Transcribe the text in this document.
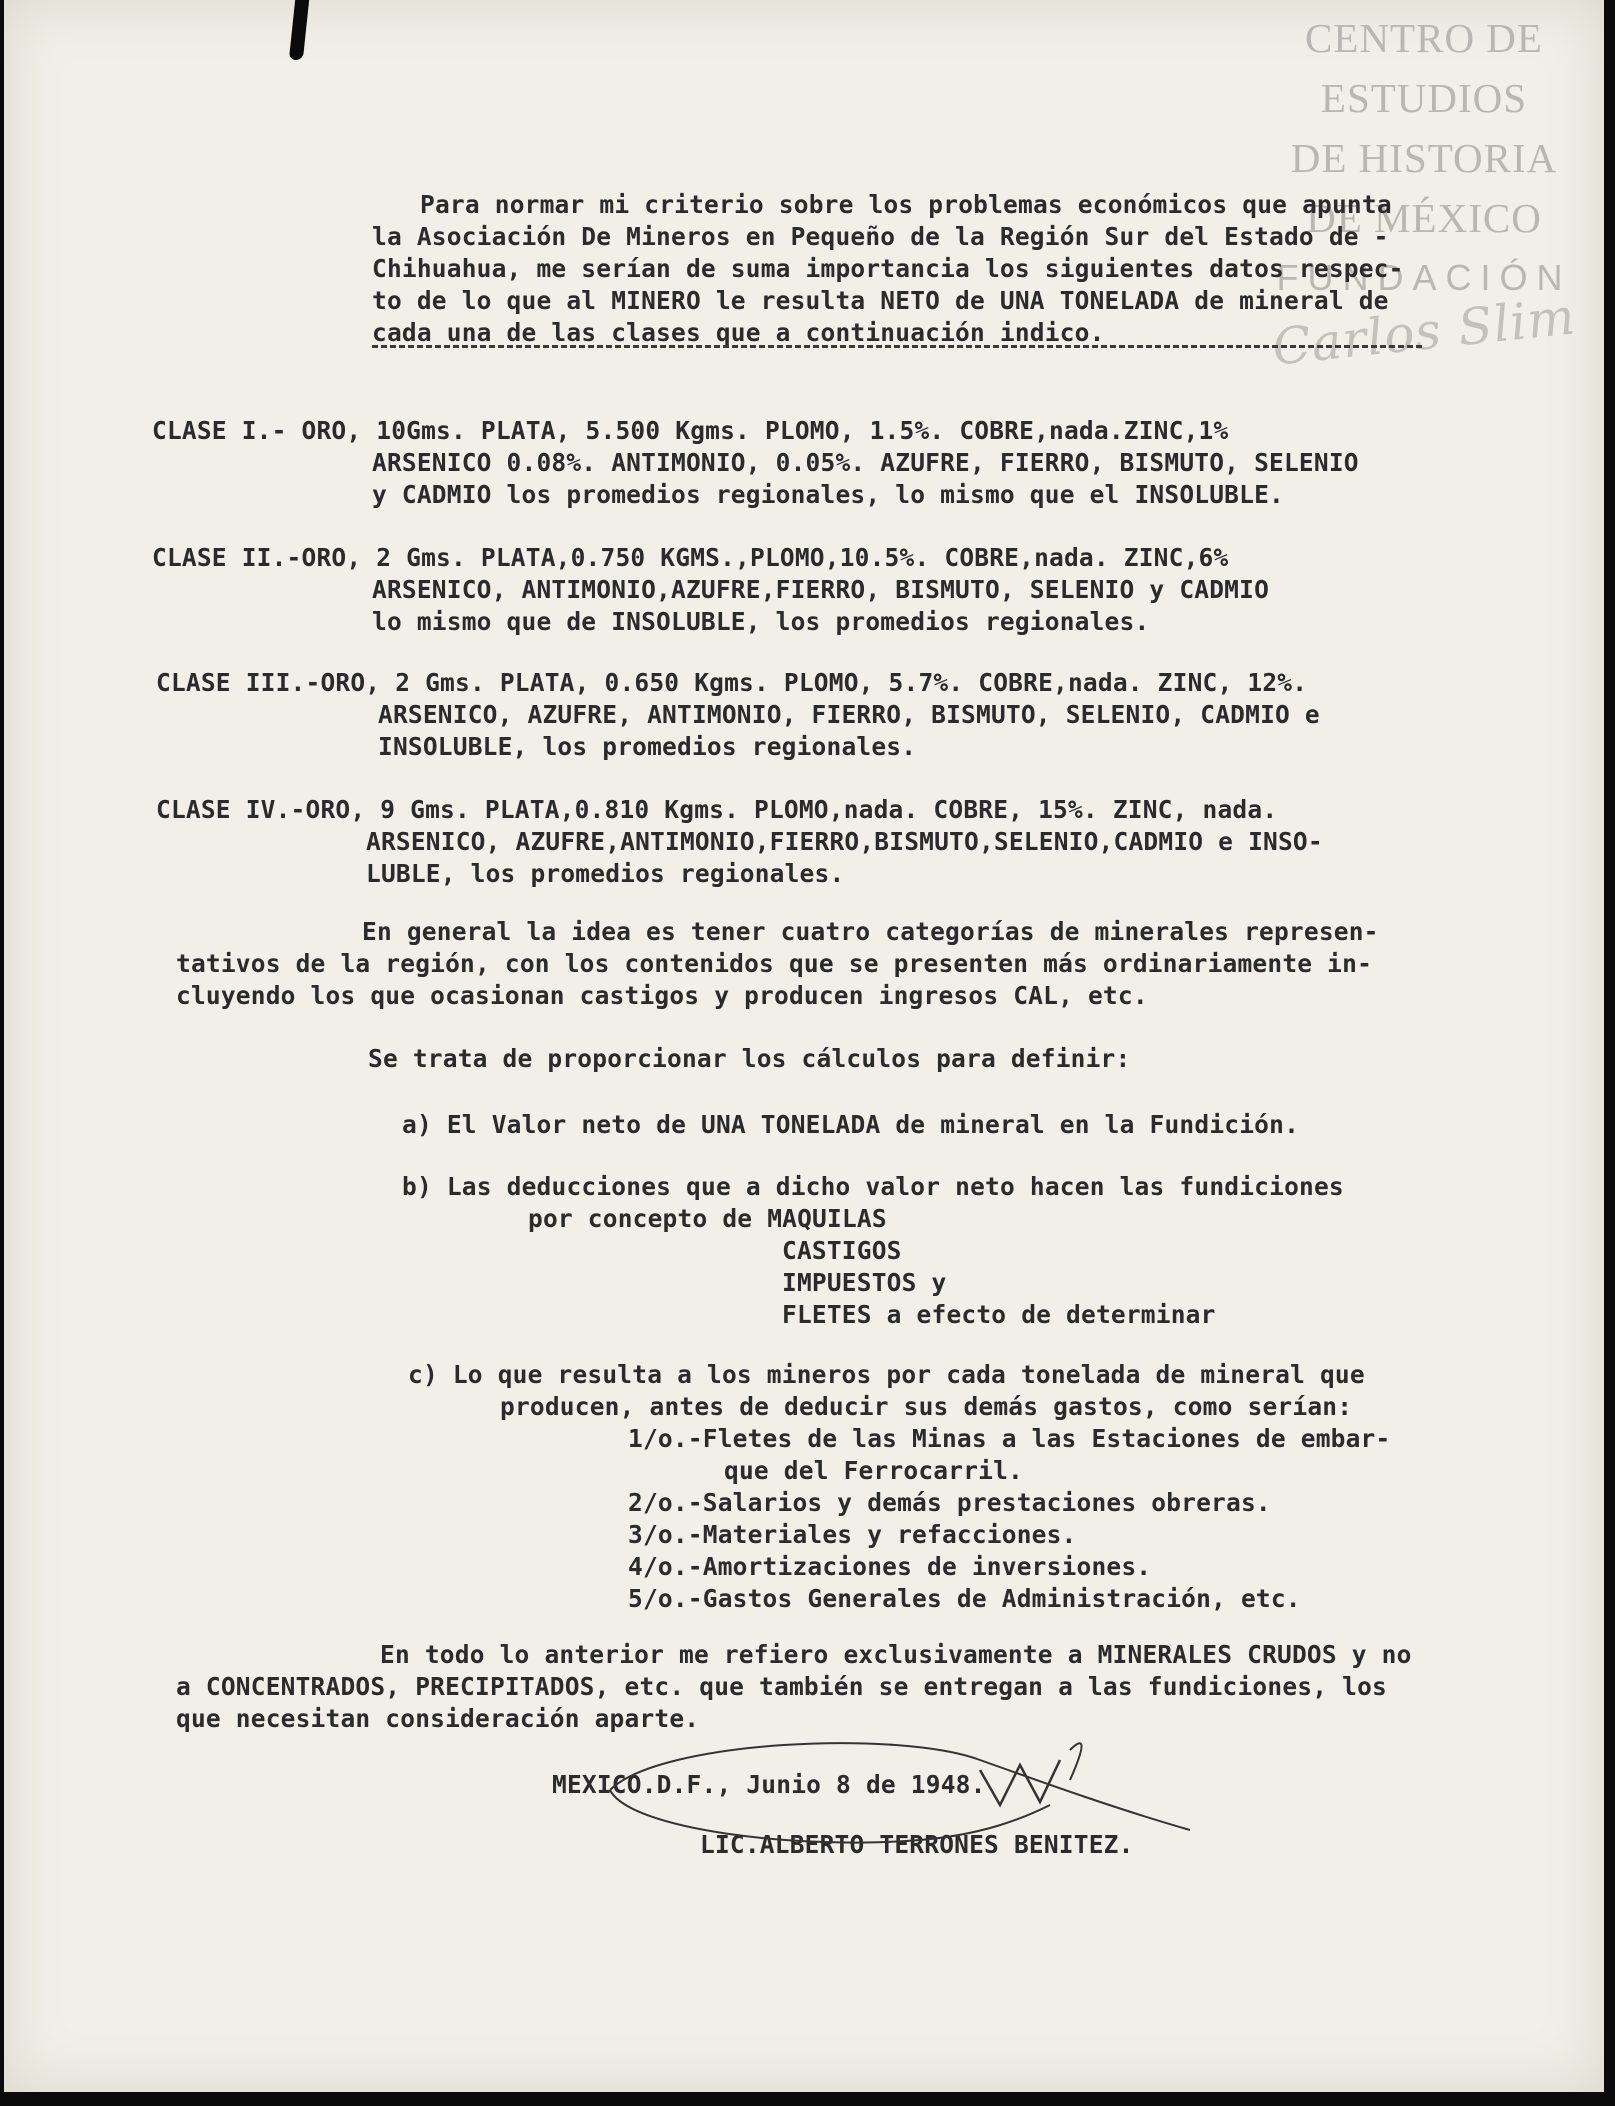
CENTRO DE
ESTUDIOS
DE HISTORIA
DE MÉXICO
FUNDACIÓN
Carlos Slim
Para normar mi criterio sobre los problemas económicos que apunta
la Asociación De Mineros en Pequeño de la Región Sur del Estado de -
Chihuahua, me serían de suma importancia los siguientes datos respec-
to de lo que al MINERO le resulta NETO de UNA TONELADA de mineral de
cada una de las clases que a continuación indico.
CLASE I.- ORO, 10Gms. PLATA, 5.500 Kgms. PLOMO, 1.5%. COBRE,nada.ZINC,1%
ARSENICO 0.08%. ANTIMONIO, 0.05%. AZUFRE, FIERRO, BISMUTO, SELENIO
y CADMIO los promedios regionales, lo mismo que el INSOLUBLE.
CLASE II.-ORO, 2 Gms. PLATA,0.750 KGMS.,PLOMO,10.5%. COBRE,nada. ZINC,6%
ARSENICO, ANTIMONIO,AZUFRE,FIERRO, BISMUTO, SELENIO y CADMIO
lo mismo que de INSOLUBLE, los promedios regionales.
CLASE III.-ORO, 2 Gms. PLATA, 0.650 Kgms. PLOMO, 5.7%. COBRE,nada. ZINC, 12%.
ARSENICO, AZUFRE, ANTIMONIO, FIERRO, BISMUTO, SELENIO, CADMIO e
INSOLUBLE, los promedios regionales.
CLASE IV.-ORO, 9 Gms. PLATA,0.810 Kgms. PLOMO,nada. COBRE, 15%. ZINC, nada.
ARSENICO, AZUFRE,ANTIMONIO,FIERRO,BISMUTO,SELENIO,CADMIO e INSO-
LUBLE, los promedios regionales.
En general la idea es tener cuatro categorías de minerales represen-
tativos de la región, con los contenidos que se presenten más ordinariamente in-
cluyendo los que ocasionan castigos y producen ingresos CAL, etc.
Se trata de proporcionar los cálculos para definir:
a) El Valor neto de UNA TONELADA de mineral en la Fundición.
b) Las deducciones que a dicho valor neto hacen las fundiciones
por concepto de MAQUILAS
CASTIGOS
IMPUESTOS y
FLETES a efecto de determinar
c) Lo que resulta a los mineros por cada tonelada de mineral que
producen, antes de deducir sus demás gastos, como serían:
1/o.-Fletes de las Minas a las Estaciones de embar-
que del Ferrocarril.
2/o.-Salarios y demás prestaciones obreras.
3/o.-Materiales y refacciones.
4/o.-Amortizaciones de inversiones.
5/o.-Gastos Generales de Administración, etc.
En todo lo anterior me refiero exclusivamente a MINERALES CRUDOS y no
a CONCENTRADOS, PRECIPITADOS, etc. que también se entregan a las fundiciones, los
que necesitan consideración aparte.
MEXICO.D.F., Junio 8 de 1948.
LIC.ALBERTO TERRONES BENITEZ.
